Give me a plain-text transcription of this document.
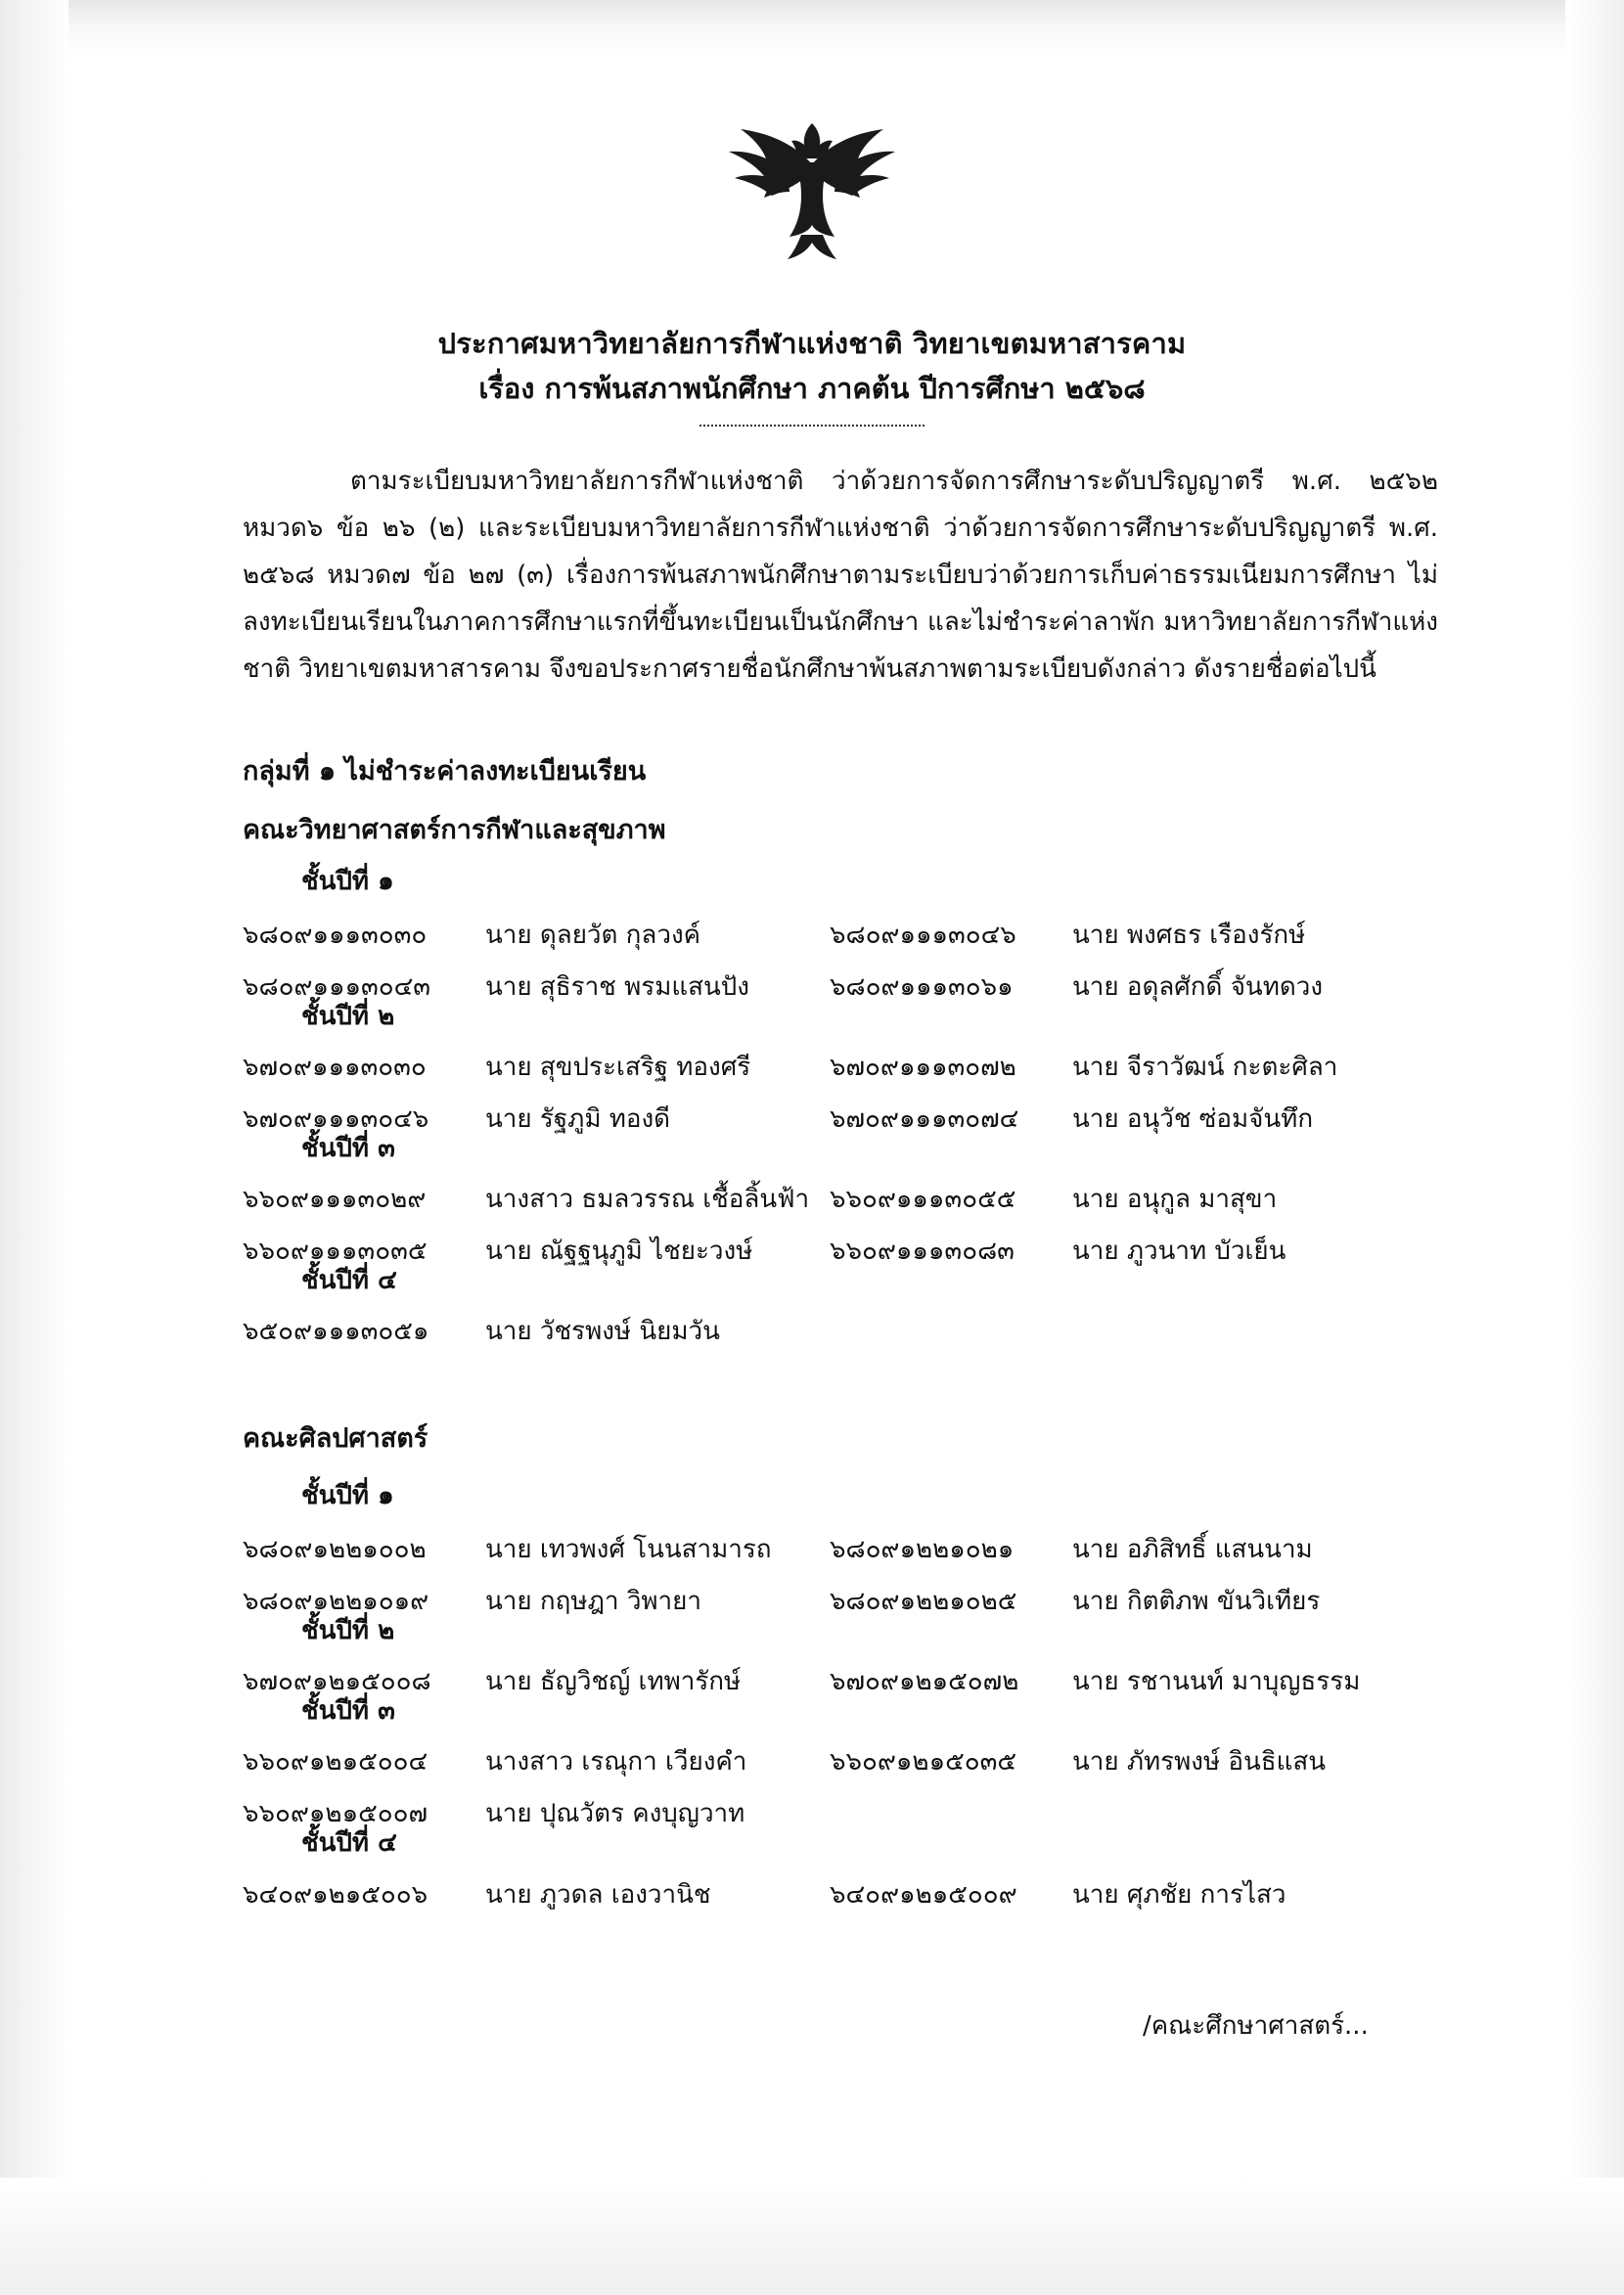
ประกาศมหาวิทยาลัยการกีฬาแห่งชาติ วิทยาเขตมหาสารคาม
เรื่อง การพ้นสภาพนักศึกษา ภาคต้น ปีการศึกษา ๒๕๖๘
ตามระเบียบมหาวิทยาลัยการกีฬาแห่งชาติ ว่าด้วยการจัดการศึกษาระดับปริญญาตรี พ.ศ. ๒๕๖๒ หมวด๖ ข้อ ๒๖ (๒) และระเบียบมหาวิทยาลัยการกีฬาแห่งชาติ ว่าด้วยการจัดการศึกษาระดับปริญญาตรี พ.ศ. ๒๕๖๘ หมวด๗ ข้อ ๒๗ (๓) เรื่องการพ้นสภาพนักศึกษาตามระเบียบว่าด้วยการเก็บค่าธรรมเนียมการศึกษา ไม่ลงทะเบียนเรียนในภาคการศึกษาแรกที่ขึ้นทะเบียนเป็นนักศึกษา และไม่ชำระค่าลาพัก มหาวิทยาลัยการกีฬาแห่งชาติ วิทยาเขตมหาสารคาม จึงขอประกาศรายชื่อนักศึกษาพ้นสภาพตามระเบียบดังกล่าว ดังรายชื่อต่อไปนี้
กลุ่มที่ ๑ ไม่ชำระค่าลงทะเบียนเรียน
คณะวิทยาศาสตร์การกีฬาและสุขภาพ
ชั้นปีที่ ๑
๖๘๐๙๑๑๑๓๐๓๐	นาย ดุลยวัต กุลวงค์	๖๘๐๙๑๑๑๓๐๔๖	นาย พงศธร เรืองรักษ์
๖๘๐๙๑๑๑๓๐๔๓	นาย สุธิราช พรมแสนปัง	๖๘๐๙๑๑๑๓๐๖๑	นาย อดุลศักดิ์ จันทดวง
ชั้นปีที่ ๒
๖๗๐๙๑๑๑๓๐๓๐	นาย สุขประเสริฐ ทองศรี	๖๗๐๙๑๑๑๓๐๗๒	นาย จีราวัฒน์ กะตะศิลา
๖๗๐๙๑๑๑๓๐๔๖	นาย รัฐภูมิ ทองดี	๖๗๐๙๑๑๑๓๐๗๔	นาย อนุวัช ซ่อมจันทึก
ชั้นปีที่ ๓
๖๖๐๙๑๑๑๓๐๒๙	นางสาว ธมลวรรณ เชื้อลิ้นฟ้า ๖๖๐๙๑๑๑๓๐๕๕	นาย อนุกูล มาสุขา
๖๖๐๙๑๑๑๓๐๓๕	นาย ณัฐฐนุภูมิ ไชยะวงษ์	๖๖๐๙๑๑๑๓๐๘๓	นาย ภูวนาท บัวเย็น
ชั้นปีที่ ๔
๖๕๐๙๑๑๑๓๐๕๑	นาย วัชรพงษ์ นิยมวัน
คณะศิลปศาสตร์
ชั้นปีที่ ๑
๖๘๐๙๑๒๒๑๐๐๒	นาย เทวพงศ์ โนนสามารถ	๖๘๐๙๑๒๒๑๐๒๑	นาย อภิสิทธิ์ แสนนาม
๖๘๐๙๑๒๒๑๐๑๙	นาย กฤษฎา วิพายา	๖๘๐๙๑๒๒๑๐๒๕	นาย กิตติภพ ขันวิเทียร
ชั้นปีที่ ๒
๖๗๐๙๑๒๑๕๐๐๘	นาย ธัญวิชญ์ เทพารักษ์	๖๗๐๙๑๒๑๕๐๗๒	นาย รชานนท์ มาบุญธรรม
ชั้นปีที่ ๓
๖๖๐๙๑๒๑๕๐๐๔	นางสาว เรณุกา เวียงคำ	๖๖๐๙๑๒๑๕๐๓๕	นาย ภัทรพงษ์ อินธิแสน
๖๖๐๙๑๒๑๕๐๐๗	นาย ปุณวัตร คงบุญวาท
ชั้นปีที่ ๔
๖๔๐๙๑๒๑๕๐๐๖	นาย ภูวดล เองวานิช	๖๔๐๙๑๒๑๕๐๐๙	นาย ศุภชัย การไสว
/คณะศึกษาศาสตร์...
